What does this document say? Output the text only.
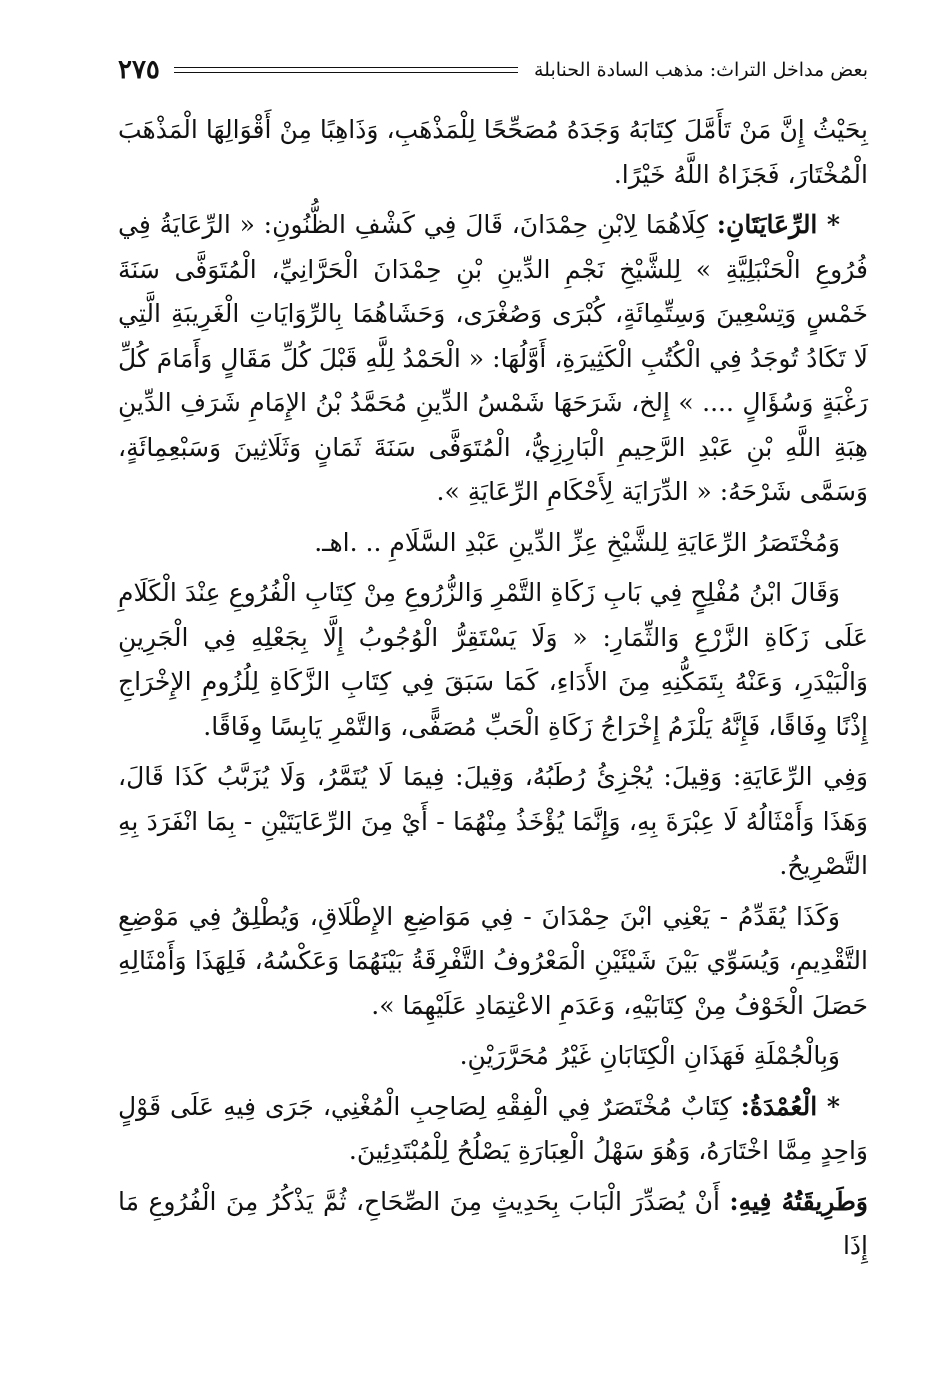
بعض مداخل التراث: مذهب السادة الحنابلة
٢٧٥

بِحَيْثُ إِنَّ مَنْ تَأَمَّلَ كِتَابَهُ وَجَدَهُ مُصَحِّحًا لِلْمَذْهَبِ، وَذَاهِبًا مِنْ أَقْوَالِهَا الْمَذْهَبَ الْمُخْتَارَ، فَجَزَاهُ اللَّهُ خَيْرًا.

* الرِّعَايَتَانِ: كِلَاهُمَا لِابْنِ حِمْدَانَ، قَالَ فِي كَشْفِ الظُّنُونِ: « الرِّعَايَةُ فِي فُرُوعِ الْحَنْبَلِيَّةِ » لِلشَّيْخِ نَجْمِ الدِّينِ بْنِ حِمْدَانَ الْحَرَّانِيِّ، الْمُتَوَفَّى سَنَةَ خَمْسٍ وَتِسْعِينَ وَسِتِّمِائَةٍ، كُبْرَى وَصُغْرَى، وَحَشَاهُمَا بِالرِّوَايَاتِ الْغَرِيبَةِ الَّتِي لَا تَكَادُ تُوجَدُ فِي الْكُتُبِ الْكَثِيرَةِ، أَوَّلُهَا: « الْحَمْدُ لِلَّهِ قَبْلَ كُلِّ مَقَالٍ وَأَمَامَ كُلِّ رَغْبَةٍ وَسُؤَالٍ .... » إِلخ، شَرَحَهَا شَمْسُ الدِّينِ مُحَمَّدُ بْنُ الإِمَامِ شَرَفِ الدِّينِ هِبَةِ اللَّهِ بْنِ عَبْدِ الرَّحِيمِ الْبَارِزِيُّ، الْمُتَوَفَّى سَنَةَ ثَمَانٍ وَثَلَاثِينَ وَسَبْعِمِائَةٍ، وَسَمَّى شَرْحَهُ: « الدِّرَايَة لِأَحْكَامِ الرِّعَايَةِ ».

وَمُخْتَصَرُ الرِّعَايَةِ لِلشَّيْخِ عِزِّ الدِّينِ عَبْدِ السَّلَامِ .. .اهـ.

وَقَالَ ابْنُ مُفْلِحٍ فِي بَابِ زَكَاةِ التَّمْرِ وَالزُّرُوعِ مِنْ كِتَابِ الْفُرُوعِ عِنْدَ الْكَلَامِ عَلَى زَكَاةِ الزَّرْعِ وَالثِّمَارِ: « وَلَا يَسْتَقِرُّ الْوُجُوبُ إِلَّا بِجَعْلِهِ فِي الْجَرِينِ وَالْبَيْدَرِ، وَعَنْهُ بِتَمَكُّنِهِ مِنَ الأَدَاءِ، كَمَا سَبَقَ فِي كِتَابِ الزَّكَاةِ لِلُزُومِ الإِخْرَاجِ إِذْنًا وِفَاقًا، فَإِنَّهُ يَلْزَمُ إِخْرَاجُ زَكَاةِ الْحَبِّ مُصَفًّى، وَالتَّمْرِ يَابِسًا وِفَاقًا.

وَفِي الرِّعَايَةِ: وَقِيلَ: يُجْزِئُ رُطَبُهُ، وَقِيلَ: فِيمَا لَا يُتَمَّرُ، وَلَا يُزَبَّبُ كَذَا قَالَ، وَهَذَا وَأَمْثَالُهُ لَا عِبْرَةَ بِهِ، وَإِنَّمَا يُؤْخَذُ مِنْهُمَا - أَيْ مِنَ الرِّعَايَتَيْنِ - بِمَا انْفَرَدَ بِهِ التَّصْرِيحُ.

وَكَذَا يُقَدِّمُ - يَعْنِي ابْنَ حِمْدَانَ - فِي مَوَاضِعِ الإِطْلَاقِ، وَيُطْلِقُ فِي مَوْضِعِ التَّقْدِيمِ، وَيُسَوِّي بَيْنَ شَيْئَيْنِ الْمَعْرُوفُ التَّفْرِقَةُ بَيْنَهُمَا وَعَكْسُهُ، فَلِهَذَا وَأَمْثَالِهِ حَصَلَ الْخَوْفُ مِنْ كِتَابَيْهِ، وَعَدَمِ الاعْتِمَادِ عَلَيْهِمَا ».

وَبِالْجُمْلَةِ فَهَذَانِ الْكِتَابَانِ غَيْرُ مُحَرَّرَيْنِ.

* الْعُمْدَةُ: كِتَابٌ مُخْتَصَرٌ فِي الْفِقْهِ لِصَاحِبِ الْمُغْنِي، جَرَى فِيهِ عَلَى قَوْلٍ وَاحِدٍ مِمَّا اخْتَارَهُ، وَهُوَ سَهْلُ الْعِبَارَةِ يَصْلُحُ لِلْمُبْتَدِئِينَ.

وَطَرِيقَتُهُ فِيهِ: أَنْ يُصَدِّرَ الْبَابَ بِحَدِيثٍ مِنَ الصِّحَاحِ، ثُمَّ يَذْكُرُ مِنَ الْفُرُوعِ مَا إِذَا
